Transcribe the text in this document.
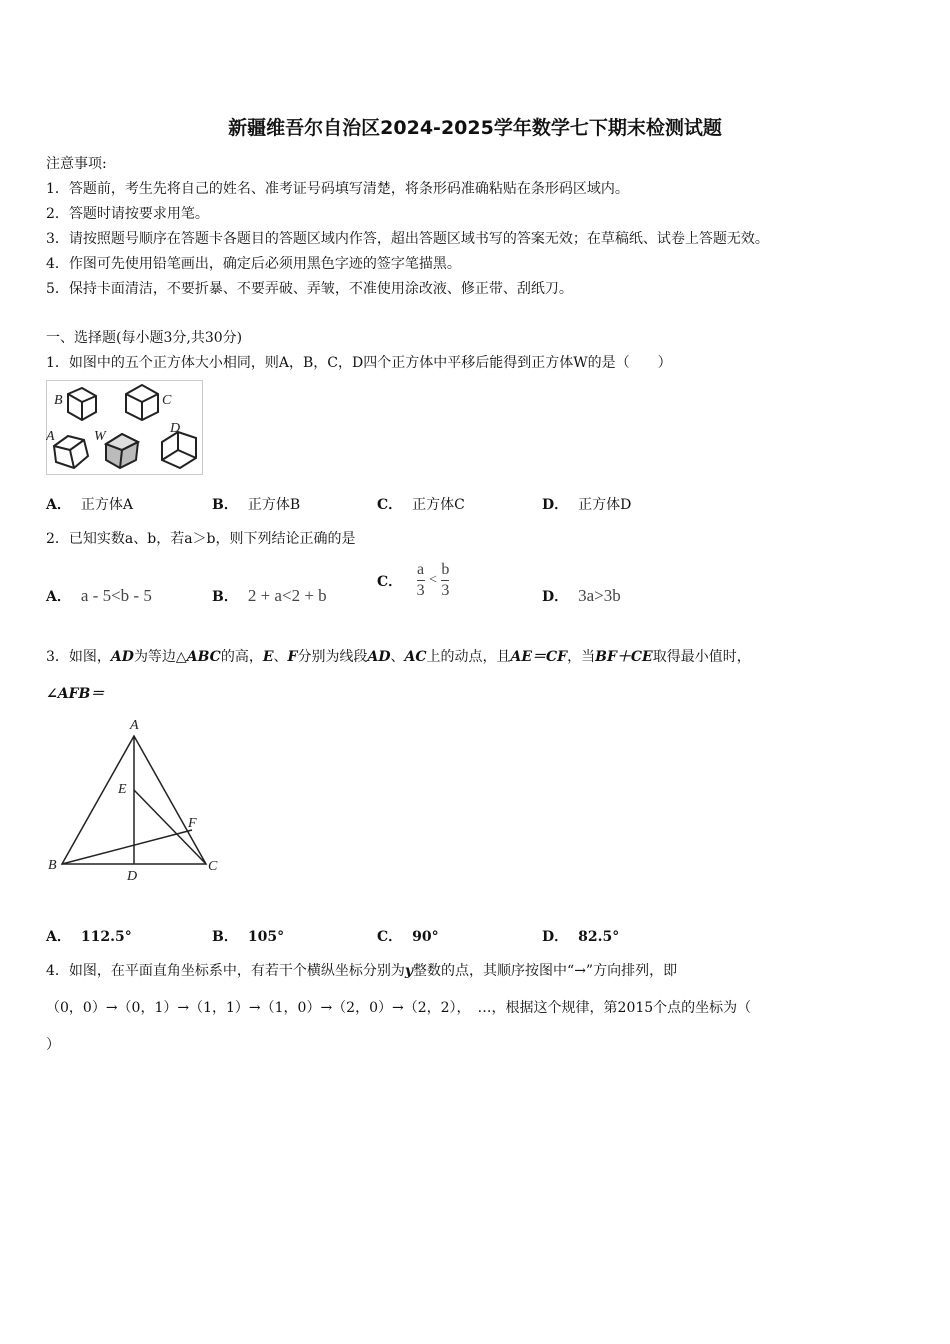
新疆维吾尔自治区2024-2025学年数学七下期末检测试题
注意事项:
1．答题前，考生先将自己的姓名、准考证号码填写清楚，将条形码准确粘贴在条形码区域内。
2．答题时请按要求用笔。
3．请按照题号顺序在答题卡各题目的答题区域内作答，超出答题区域书写的答案无效；在草稿纸、试卷上答题无效。
4．作图可先使用铅笔画出，确定后必须用黑色字迹的签字笔描黑。
5．保持卡面清洁，不要折暴、不要弄破、弄皱，不准使用涂改液、修正带、刮纸刀。
一、选择题(每小题3分,共30分)
1．如图中的五个正方体大小相同，则A，B，C，D四个正方体中平移后能得到正方体W的是（　　）
B	C
A	W
D
A． 正方体A	B． 正方体B	C． 正方体C	D． 正方体D
2．已知实数a、b，若a＞b，则下列结论正确的是
A． a - 5<b - 5	B． 2 + a<2 + b
C． $\frac{a}{3} < \frac{b}{3}$	D． 3a>3b
3．如图，AD为等边△ABC的高，E、F分别为线段AD、AC上的动点，且AE＝CF，当BF＋CE取得最小值时，
∠AFB＝
A
E
F
B
D
C
A． 112.5°	B． 105°	C． 90°	D． 82.5°
4．如图，在平面直角坐标系中，有若干个横纵坐标分别为y整数的点，其顺序按图中“→”方向排列，即
（0，0）→（0，1）→（1，1）→（1，0）→（2，0）→（2，2），　…，根据这个规律，第2015个点的坐标为（
）
